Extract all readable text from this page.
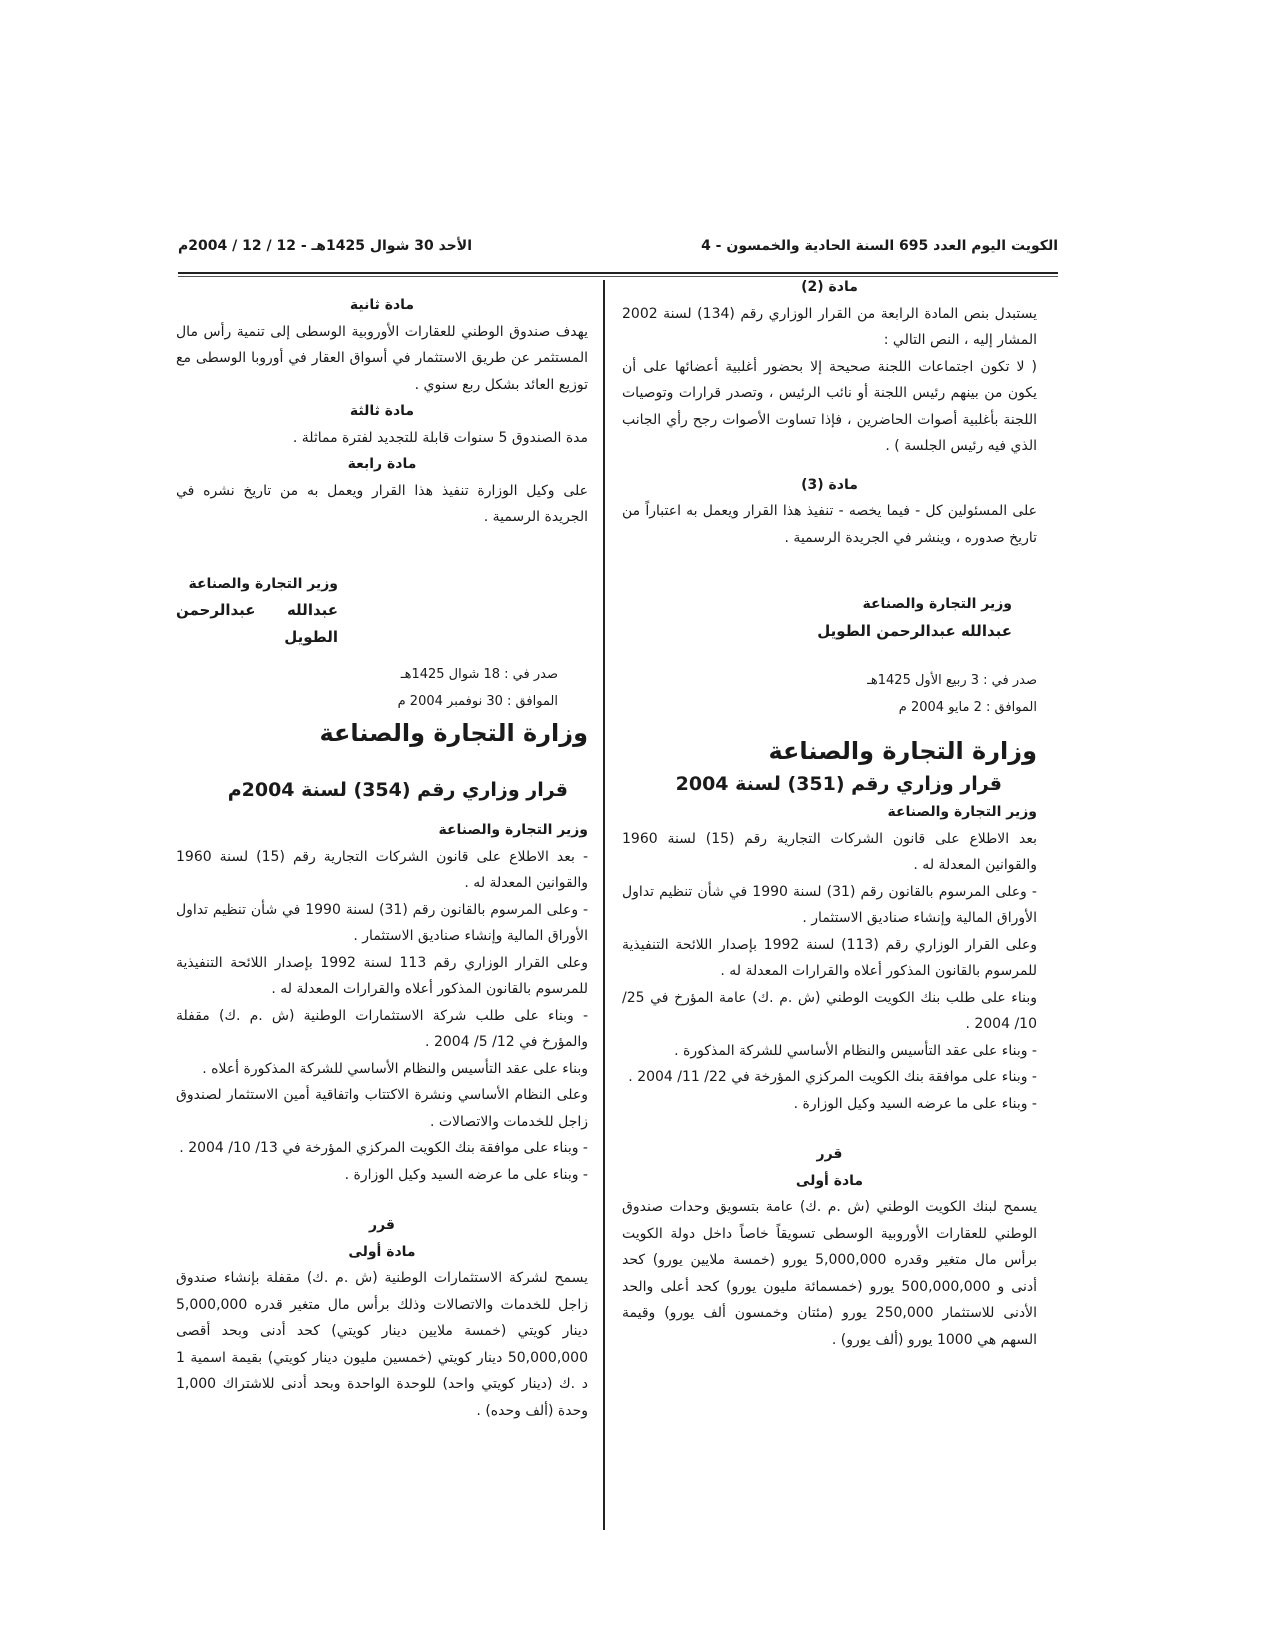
الكويت اليوم العدد 695 السنة الحادية والخمسون - 4
الأحد 30 شوال 1425هـ - 12 / 12 / 2004م

مادة (2)

يستبدل بنص المادة الرابعة من القرار الوزاري رقم (134) لسنة 2002 المشار إليه ، النص التالي :

( لا تكون اجتماعات اللجنة صحيحة إلا بحضور أغلبية أعضائها على أن يكون من بينهم رئيس اللجنة أو نائب الرئيس ، وتصدر قرارات وتوصيات اللجنة بأغلبية أصوات الحاضرين ، فإذا تساوت الأصوات رجح رأي الجانب الذي فيه رئيس الجلسة ) .

مادة (3)

على المسئولين كل - فيما يخصه - تنفيذ هذا القرار ويعمل به اعتباراً من تاريخ صدوره ، وينشر في الجريدة الرسمية .

وزير التجارة والصناعة

عبدالله عبدالرحمن الطويل

صدر في : 3 ربيع الأول 1425هـ

الموافق : 2 مايو 2004 م

وزارة التجارة والصناعة

قرار وزاري رقم (351) لسنة 2004

وزير التجارة والصناعة

بعد الاطلاع على قانون الشركات التجارية رقم (15) لسنة 1960 والقوانين المعدلة له .

- وعلى المرسوم بالقانون رقم (31) لسنة 1990 في شأن تنظيم تداول الأوراق المالية وإنشاء صناديق الاستثمار .

وعلى القرار الوزاري رقم (113) لسنة 1992 بإصدار اللائحة التنفيذية للمرسوم بالقانون المذكور أعلاه والقرارات المعدلة له .

وبناء على طلب بنك الكويت الوطني (ش .م .ك) عامة المؤرخ في 25/ 10/ 2004 .

- وبناء على عقد التأسيس والنظام الأساسي للشركة المذكورة .

- وبناء على موافقة بنك الكويت المركزي المؤرخة في 22/ 11/ 2004 .

- وبناء على ما عرضه السيد وكيل الوزارة .

قرر

مادة أولى

يسمح لبنك الكويت الوطني (ش .م .ك) عامة بتسويق وحدات صندوق الوطني للعقارات الأوروبية الوسطى تسويقاً خاصاً داخل دولة الكويت برأس مال متغير وقدره 5,000,000 يورو (خمسة ملايين يورو) كحد أدنى و 500,000,000 يورو (خمسمائة مليون يورو) كحد أعلى والحد الأدنى للاستثمار 250,000 يورو (مئتان وخمسون ألف يورو) وقيمة السهم هي 1000 يورو (ألف يورو) .

مادة ثانية

يهدف صندوق الوطني للعقارات الأوروبية الوسطى إلى تنمية رأس مال المستثمر عن طريق الاستثمار في أسواق العقار في أوروبا الوسطى مع توزيع العائد بشكل ربع سنوي .

مادة ثالثة

مدة الصندوق 5 سنوات قابلة للتجديد لفترة مماثلة .

مادة رابعة

على وكيل الوزارة تنفيذ هذا القرار ويعمل به من تاريخ نشره في الجريدة الرسمية .

وزير التجارة والصناعة

عبدالله عبدالرحمن الطويل

صدر في : 18 شوال 1425هـ

الموافق : 30 نوفمبر 2004 م

وزارة التجارة والصناعة

قرار وزاري رقم (354) لسنة 2004م

وزير التجارة والصناعة

- بعد الاطلاع على قانون الشركات التجارية رقم (15) لسنة 1960 والقوانين المعدلة له .

- وعلى المرسوم بالقانون رقم (31) لسنة 1990 في شأن تنظيم تداول الأوراق المالية وإنشاء صناديق الاستثمار .

وعلى القرار الوزاري رقم 113 لسنة 1992 بإصدار اللائحة التنفيذية للمرسوم بالقانون المذكور أعلاه والقرارات المعدلة له .

- وبناء على طلب شركة الاستثمارات الوطنية (ش .م .ك) مقفلة والمؤرخ في 12/ 5/ 2004 .

وبناء على عقد التأسيس والنظام الأساسي للشركة المذكورة أعلاه .

وعلى النظام الأساسي ونشرة الاكتتاب واتفاقية أمين الاستثمار لصندوق زاجل للخدمات والاتصالات .

- وبناء على موافقة بنك الكويت المركزي المؤرخة في 13/ 10/ 2004 .

- وبناء على ما عرضه السيد وكيل الوزارة .

قرر

مادة أولى

يسمح لشركة الاستثمارات الوطنية (ش .م .ك) مقفلة بإنشاء صندوق زاجل للخدمات والاتصالات وذلك برأس مال متغير قدره 5,000,000 دينار كويتي (خمسة ملايين دينار كويتي) كحد أدنى وبحد أقصى 50,000,000 دينار كويتي (خمسين مليون دينار كويتي) بقيمة اسمية 1 د .ك (دينار كويتي واحد) للوحدة الواحدة وبحد أدنى للاشتراك 1,000 وحدة (ألف وحده) .
